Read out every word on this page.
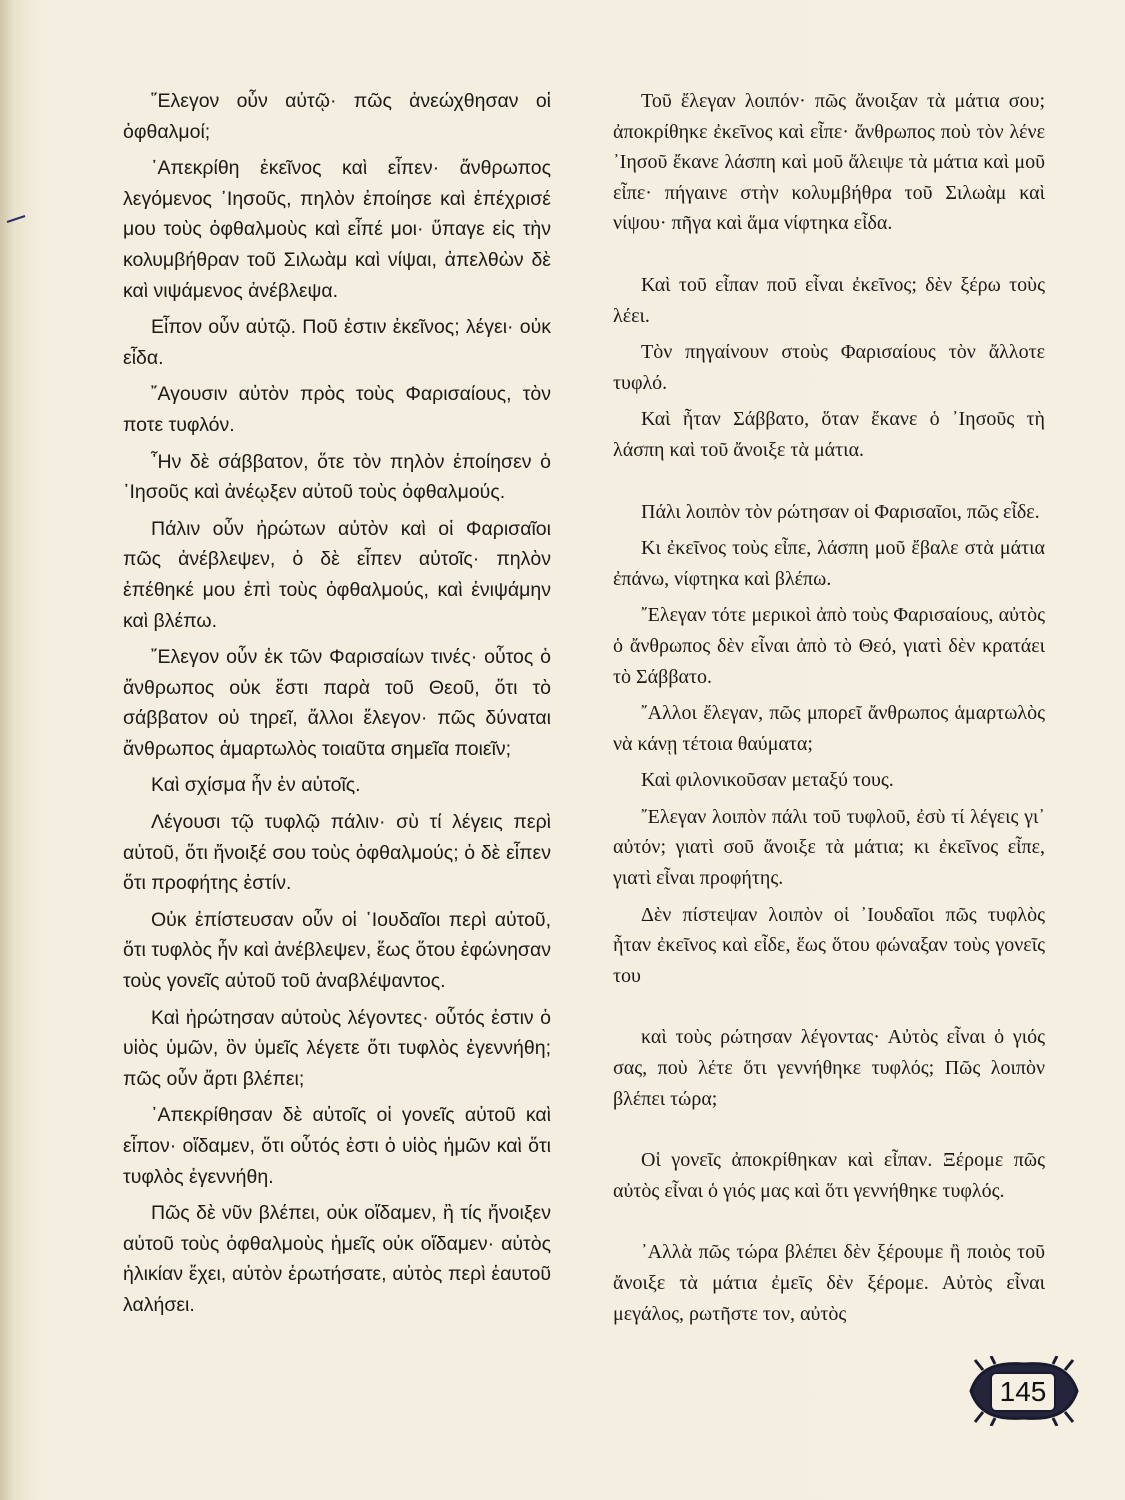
῞Ελεγον οὖν αὐτῷ· πῶς ἀνεώχθησαν οἱ ὀφθαλμοί;

᾿Απεκρίθη ἐκεῖνος καὶ εἶπεν· ἄνθρωπος λεγόμενος ᾿Ιησοῦς, πηλὸν ἐποίησε καὶ ἐπέχρισέ μου τοὺς ὀφθαλμοὺς καὶ εἶπέ μοι· ὕπαγε εἰς τὴν κολυμβήθραν τοῦ Σιλωὰμ καὶ νίψαι, ἀπελθὼν δὲ καὶ νιψάμενος ἀνέβλεψα.

Εἶπον οὖν αὐτῷ. Ποῦ ἐστιν ἐκεῖνος; λέγει· οὐκ εἶδα.

῎Αγουσιν αὐτὸν πρὸς τοὺς Φαρισαίους, τὸν ποτε τυφλόν.

῏Ην δὲ σάββατον, ὅτε τὸν πηλὸν ἐποίησεν ὁ ᾿Ιησοῦς καὶ ἀνέῳξεν αὐτοῦ τοὺς ὀφθαλμούς.

Πάλιν οὖν ἠρώτων αὐτὸν καὶ οἱ Φαρισαῖοι πῶς ἀνέβλεψεν, ὁ δὲ εἶπεν αὐτοῖς· πηλὸν ἐπέθηκέ μου ἐπὶ τοὺς ὀφθαλμούς, καὶ ἐνιψάμην καὶ βλέπω.

῎Ελεγον οὖν ἐκ τῶν Φαρισαίων τινές· οὗτος ὁ ἄνθρωπος οὐκ ἔστι παρὰ τοῦ Θεοῦ, ὅτι τὸ σάββατον οὐ τηρεῖ, ἄλλοι ἔλεγον· πῶς δύναται ἄνθρωπος ἁμαρτωλὸς τοιαῦτα σημεῖα ποιεῖν;

Καὶ σχίσμα ἦν ἐν αὐτοῖς.

Λέγουσι τῷ τυφλῷ πάλιν· σὺ τί λέγεις περὶ αὐτοῦ, ὅτι ἤνοιξέ σου τοὺς ὀφθαλμούς; ὁ δὲ εἶπεν ὅτι προφήτης ἐστίν.

Οὐκ ἐπίστευσαν οὖν οἱ ᾿Ιουδαῖοι περὶ αὐτοῦ, ὅτι τυφλὸς ἦν καὶ ἀνέβλεψεν, ἕως ὅτου ἐφώνησαν τοὺς γονεῖς αὐτοῦ τοῦ ἀναβλέψαντος.

Καὶ ἠρώτησαν αὐτοὺς λέγοντες· οὗτός ἐστιν ὁ υἱὸς ὑμῶν, ὃν ὑμεῖς λέγετε ὅτι τυφλὸς ἐγεννήθη; πῶς οὖν ἄρτι βλέπει;

᾿Απεκρίθησαν δὲ αὐτοῖς οἱ γονεῖς αὐτοῦ καὶ εἶπον· οἴδαμεν, ὅτι οὗτός ἐστι ὁ υἱὸς ἡμῶν καὶ ὅτι τυφλὸς ἐγεννήθη.

Πῶς δὲ νῦν βλέπει, οὐκ οἴδαμεν, ἢ τίς ἤνοιξεν αὐτοῦ τοὺς ὀφθαλμοὺς ἡμεῖς οὐκ οἴδαμεν· αὐτὸς ἡλικίαν ἔχει, αὐτὸν ἐρωτήσατε, αὐτὸς περὶ ἑαυτοῦ λαλήσει.

Τοῦ ἔλεγαν λοιπόν· πῶς ἄνοιξαν τὰ μάτια σου; ἀποκρίθηκε ἐκεῖνος καὶ εἶπε· ἄνθρωπος ποὺ τὸν λένε ᾿Ιησοῦ ἔκανε λάσπη καὶ μοῦ ἄλειψε τὰ μάτια καὶ μοῦ εἶπε· πήγαινε στὴν κολυμβήθρα τοῦ Σιλωὰμ καὶ νίψου· πῆγα καὶ ἅμα νίφτηκα εἶδα.

Καὶ τοῦ εἶπαν ποῦ εἶναι ἐκεῖνος; δὲν ξέρω τοὺς λέει.

Τὸν πηγαίνουν στοὺς Φαρισαίους τὸν ἄλλοτε τυφλό.

Καὶ ἦταν Σάββατο, ὅταν ἔκανε ὁ ᾿Ιησοῦς τὴ λάσπη καὶ τοῦ ἄνοιξε τὰ μάτια.

Πάλι λοιπὸν τὸν ρώτησαν οἱ Φαρισαῖοι, πῶς εἶδε.

Κι ἐκεῖνος τοὺς εἶπε, λάσπη μοῦ ἔβαλε στὰ μάτια ἐπάνω, νίφτηκα καὶ βλέπω.

῎Ελεγαν τότε μερικοὶ ἀπὸ τοὺς Φαρισαίους, αὐτὸς ὁ ἄνθρωπος δὲν εἶναι ἀπὸ τὸ Θεό, γιατὶ δὲν κρατάει τὸ Σάββατο.

῎Αλλοι ἔλεγαν, πῶς μπορεῖ ἄνθρωπος ἁμαρτωλὸς νὰ κάνῃ τέτοια θαύματα;

Καὶ φιλονικοῦσαν μεταξύ τους.

῎Ελεγαν λοιπὸν πάλι τοῦ τυφλοῦ, ἐσὺ τί λέγεις γι᾿ αὐτόν; γιατὶ σοῦ ἄνοιξε τὰ μάτια; κι ἐκεῖνος εἶπε, γιατὶ εἶναι προφήτης.

Δὲν πίστεψαν λοιπὸν οἱ ᾿Ιουδαῖοι πῶς τυφλὸς ἦταν ἐκεῖνος καὶ εἶδε, ἕως ὅτου φώναξαν τοὺς γονεῖς του

καὶ τοὺς ρώτησαν λέγοντας· Αὐτὸς εἶναι ὁ γιός σας, ποὺ λέτε ὅτι γεννήθηκε τυφλός; Πῶς λοιπὸν βλέπει τώρα;

Οἱ γονεῖς ἀποκρίθηκαν καὶ εἶπαν. Ξέρομε πῶς αὐτὸς εἶναι ὁ γιός μας καὶ ὅτι γεννήθηκε τυφλός.

᾿Αλλὰ πῶς τώρα βλέπει δὲν ξέρουμε ἢ ποιὸς τοῦ ἄνοιξε τὰ μάτια ἐμεῖς δὲν ξέρομε. Αὐτὸς εἶναι μεγάλος, ρωτῆστε τον, αὐτὸς

145
